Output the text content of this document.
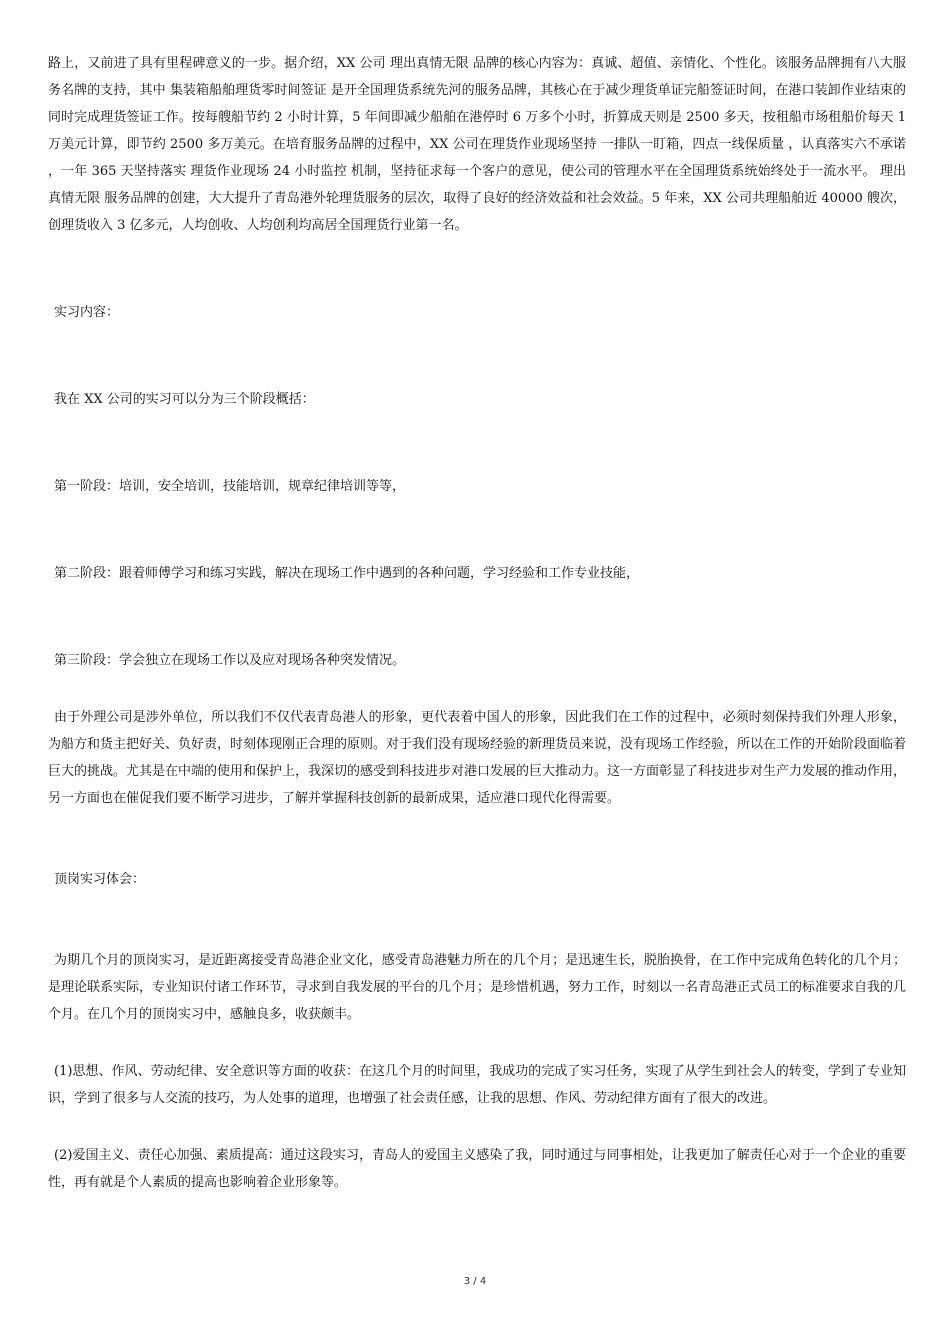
路上，又前进了具有里程碑意义的一步。据介绍，XX 公司 理出真情无限 品牌的核心内容为：真诚、超值、亲情化、个性化。该服务品牌拥有八大服务名牌的支持，其中 集装箱船舶理货零时间签证 是开全国理货系统先河的服务品牌，其核心在于减少理货单证完船签证时间，在港口装卸作业结束的同时完成理货签证工作。按每艘船节约 2 小时计算，5 年间即减少船舶在港停时 6 万多个小时，折算成天则是 2500 多天，按租船市场租船价每天 1 万美元计算，即节约 2500 多万美元。在培育服务品牌的过程中，XX 公司在理货作业现场坚持 一排队一盯箱，四点一线保质量 ，认真落实六不承诺 ，一年 365 天坚持落实 理货作业现场 24 小时监控 机制，坚持征求每一个客户的意见，使公司的管理水平在全国理货系统始终处于一流水平。 理出真情无限 服务品牌的创建，大大提升了青岛港外轮理货服务的层次，取得了良好的经济效益和社会效益。5 年来，XX 公司共理船舶近 40000 艘次，创理货收入 3 亿多元，人均创收、人均创利均高居全国理货行业第一名。

实习内容：

我在 XX 公司的实习可以分为三个阶段概括：

第一阶段：培训，安全培训，技能培训，规章纪律培训等等，

第二阶段：跟着师傅学习和练习实践，解决在现场工作中遇到的各种问题，学习经验和工作专业技能，

第三阶段：学会独立在现场工作以及应对现场各种突发情况。

由于外理公司是涉外单位，所以我们不仅代表青岛港人的形象，更代表着中国人的形象，因此我们在工作的过程中，必须时刻保持我们外理人形象，为船方和货主把好关、负好责，时刻体现刚正合理的原则。对于我们没有现场经验的新理货员来说，没有现场工作经验，所以在工作的开始阶段面临着巨大的挑战。尤其是在中端的使用和保护上，我深切的感受到科技进步对港口发展的巨大推动力。这一方面彰显了科技进步对生产力发展的推动作用，另一方面也在催促我们要不断学习进步，了解并掌握科技创新的最新成果，适应港口现代化得需要。

顶岗实习体会：

为期几个月的顶岗实习，是近距离接受青岛港企业文化，感受青岛港魅力所在的几个月；是迅速生长，脱胎换骨，在工作中完成角色转化的几个月；是理论联系实际，专业知识付诸工作环节，寻求到自我发展的平台的几个月；是珍惜机遇，努力工作，时刻以一名青岛港正式员工的标准要求自我的几个月。在几个月的顶岗实习中，感触良多，收获颇丰。

(1)思想、作风、劳动纪律、安全意识等方面的收获：在这几个月的时间里，我成功的完成了实习任务，实现了从学生到社会人的转变，学到了专业知识，学到了很多与人交流的技巧，为人处事的道理，也增强了社会责任感，让我的思想、作风、劳动纪律方面有了很大的改进。

(2)爱国主义、责任心加强、素质提高：通过这段实习，青岛人的爱国主义感染了我，同时通过与同事相处，让我更加了解责任心对于一个企业的重要性，再有就是个人素质的提高也影响着企业形象等。

3 / 4
